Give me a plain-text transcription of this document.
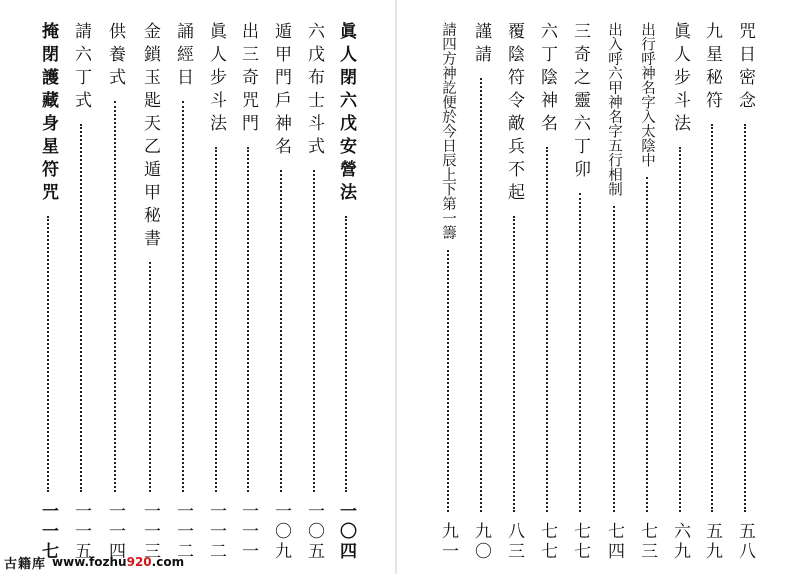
眞人閉六戊安營法
一〇四
六戊布士斗式
一〇五
遁甲門戶神名
一〇九
出三奇咒門
一一一
眞人步斗法
一一二
誦經日
一一二
金鎖玉匙天乙遁甲秘書
一一三
供養式
一一四
請六丁式
一一五
掩閉護藏身星符咒
一一七
咒日密念
五八
九星秘符
五九
眞人步斗法
六九
出行呼神名字入太陰中
七三
出入呼六甲神名字五行相制
七四
三奇之靈六丁卯
七七
六丁陰神名
七七
覆陰符令敵兵不起
八三
謹請
九〇
請四方神訖便於今日辰上下第一籌
九一
古籍库 www.fozhu920.com
